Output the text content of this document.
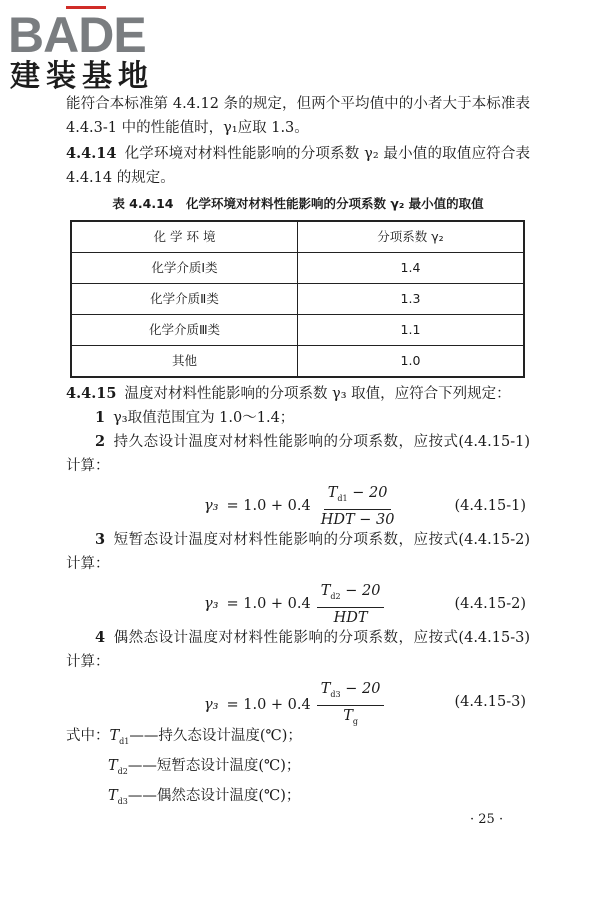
BADE
建装基地

能符合本标准第 4.4.12 条的规定，但两个平均值中的小者大于本标准表 4.4.3-1 中的性能值时，γ₁应取 1.3。

4.4.14 化学环境对材料性能影响的分项系数 γ₂ 最小值的取值应符合表 4.4.14 的规定。

表 4.4.14　化学环境对材料性能影响的分项系数 γ₂ 最小值的取值
化 学 环 境	分项系数 γ₂
化学介质Ⅰ类	1.4
化学介质Ⅱ类	1.3
化学介质Ⅲ类	1.1
其他	1.0

4.4.15 温度对材料性能影响的分项系数 γ₃ 取值，应符合下列规定：

1 γ₃取值范围宜为 1.0～1.4；

2 持久态设计温度对材料性能影响的分项系数，应按式(4.4.15-1)计算：

$\gamma_3 = 1.0 + 0.4 \frac{T_{d1} - 20}{\text{HDT − 30}}$	(4.4.15-1)

3 短暂态设计温度对材料性能影响的分项系数，应按式(4.4.15-2)计算：

$\gamma_3 = 1.0 + 0.4 \frac{T_{d2} - 20}{\text{HDT}}$	(4.4.15-2)

4 偶然态设计温度对材料性能影响的分项系数，应按式(4.4.15-3)计算：

$\gamma_3 = 1.0 + 0.4 \frac{T_{d3} - 20}{T_g}$	(4.4.15-3)
式中：$T_{d1}——$持久态设计温度(℃)；
$T_{d2}——$短暂态设计温度(℃)；
$T_{d3}——$偶然态设计温度(℃)；
· 25 ·
